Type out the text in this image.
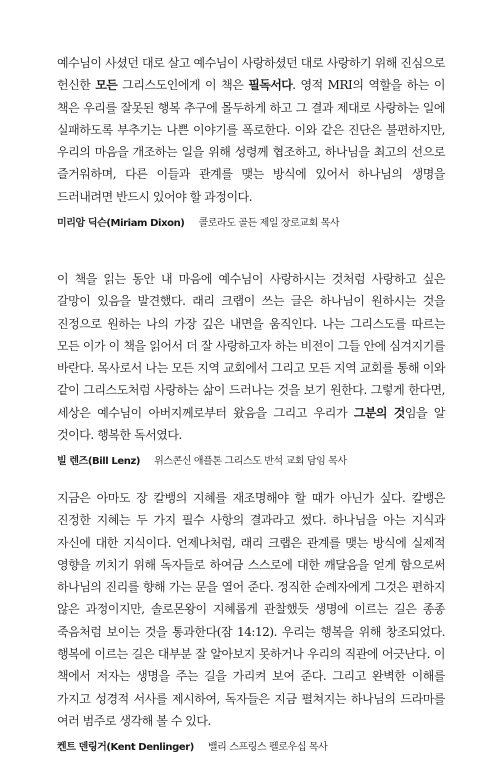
예수님이 사셨던 대로 살고 예수님이 사랑하셨던 대로 사랑하기 위해 진심으로 헌신한 모든 그리스도인에게 이 책은 필독서다. 영적 MRI의 역할을 하는 이 책은 우리를 잘못된 행복 추구에 몰두하게 하고 그 결과 제대로 사랑하는 일에 실패하도록 부추기는 나쁜 이야기를 폭로한다. 이와 같은 진단은 불편하지만, 우리의 마음을 개조하는 일을 위해 성령께 협조하고, 하나님을 최고의 선으로 즐거워하며, 다른 이들과 관계를 맺는 방식에 있어서 하나님의 생명을 드러내려면 반드시 있어야 할 과정이다.

미리암 딕슨(Miriam Dixon) 콜로라도 골든 제일 장로교회 목사

이 책을 읽는 동안 내 마음에 예수님이 사랑하시는 것처럼 사랑하고 싶은 갈망이 있음을 발견했다. 래리 크랩이 쓰는 글은 하나님이 원하시는 것을 진정으로 원하는 나의 가장 깊은 내면을 움직인다. 나는 그리스도를 따르는 모든 이가 이 책을 읽어서 더 잘 사랑하고자 하는 비전이 그들 안에 심겨지기를 바란다. 목사로서 나는 모든 지역 교회에서 그리고 모든 지역 교회를 통해 이와 같이 그리스도처럼 사랑하는 삶이 드러나는 것을 보기 원한다. 그렇게 한다면, 세상은 예수님이 아버지께로부터 왔음을 그리고 우리가 그분의 것임을 알 것이다. 행복한 독서였다.

빌 렌즈(Bill Lenz) 위스콘신 애플톤 그리스도 반석 교회 담임 목사

지금은 아마도 장 칼뱅의 지혜를 재조명해야 할 때가 아닌가 싶다. 칼뱅은 진정한 지혜는 두 가지 필수 사항의 결과라고 썼다. 하나님을 아는 지식과 자신에 대한 지식이다. 언제나처럼, 래리 크랩은 관계를 맺는 방식에 실제적 영향을 끼치기 위해 독자들로 하여금 스스로에 대한 깨달음을 얻게 함으로써 하나님의 진리를 향해 가는 문을 열어 준다. 정직한 순례자에게 그것은 편하지 않은 과정이지만, 솔로몬왕이 지혜롭게 관찰했듯 생명에 이르는 길은 종종 죽음처럼 보이는 것을 통과한다(잠 14:12). 우리는 행복을 위해 창조되었다. 행복에 이르는 길은 대부분 잘 알아보지 못하거나 우리의 직관에 어긋난다. 이 책에서 저자는 생명을 주는 길을 가리켜 보여 준다. 그리고 완벽한 이해를 가지고 성경적 서사를 제시하여, 독자들은 지금 펼쳐지는 하나님의 드라마를 여러 범주로 생각해 볼 수 있다.

켄트 덴링거(Kent Denlinger) 밸리 스프링스 펠로우십 목사
